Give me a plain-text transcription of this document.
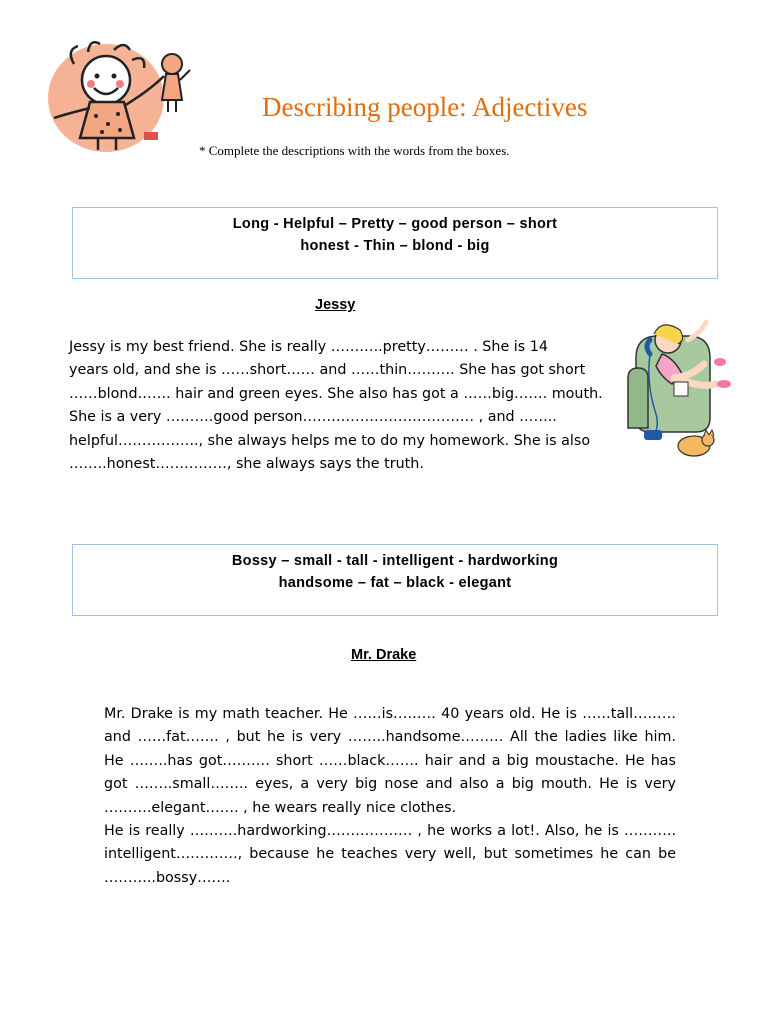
Describing people: Adjectives
* Complete the descriptions with the words from the boxes.
Long - Helpful – Pretty – good person – short
honest - Thin – blond - big
Jessy
Jessy is my best friend. She is really ………..pretty……… . She is 14
years old, and she is ……short…… and ……thin………. She has got short
……blond……. hair and green eyes. She also has got a ……big……. mouth.
She is a very ……….good person……………………………… , and ……..
helpful…………….., she always helps me to do my homework. She is also
……..honest……………, she always says the truth.
Bossy – small - tall - intelligent - hardworking
handsome – fat – black - elegant
Mr. Drake
Mr. Drake is my math teacher. He ……is……… 40 years old. He is ……tall………
and ……fat……. , but he is very ……..handsome……… All the ladies like him.
He ……..has got………. short ……black……. hair and a big moustache. He has
got ……..small…….. eyes, a very big nose and also a big mouth. He is very
……….elegant……. , he wears really nice clothes.
He is really ……….hardworking……………… , he works a lot!. Also, he is ………..
intelligent…………., because he teaches very well, but sometimes he can be
………..bossy…….
